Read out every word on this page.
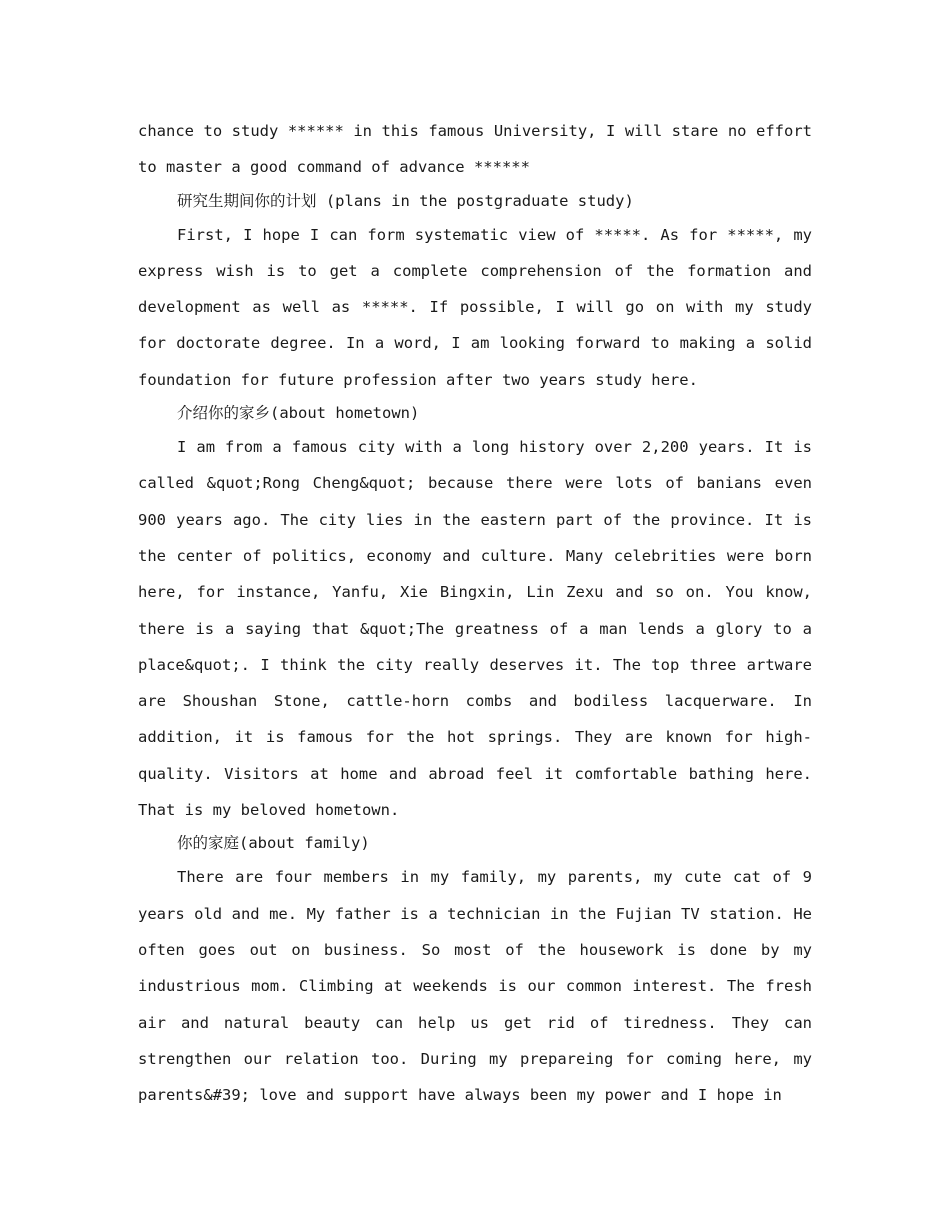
chance to study ****** in this famous University, I will stare no effort to master a good command of advance ******

研究生期间你的计划 (plans in the postgraduate study)

First, I hope I can form systematic view of *****. As for *****, my express wish is to get a complete comprehension of the formation and development as well as *****. If possible, I will go on with my study for doctorate degree. In a word, I am looking forward to making a solid foundation for future profession after two years study here.

介绍你的家乡(about hometown)

I am from a famous city with a long history over 2,200 years. It is called &quot;Rong Cheng&quot; because there were lots of banians even 900 years ago. The city lies in the eastern part of the province. It is the center of politics, economy and culture. Many celebrities were born here, for instance, Yanfu, Xie Bingxin, Lin Zexu and so on. You know, there is a saying that &quot;The greatness of a man lends a glory to a place&quot;. I think the city really deserves it. The top three artware are Shoushan Stone, cattle-horn combs and bodiless lacquerware. In addition, it is famous for the hot springs. They are known for high-quality. Visitors at home and abroad feel it comfortable bathing here. That is my beloved hometown.

你的家庭(about family)

There are four members in my family, my parents, my cute cat of 9 years old and me. My father is a technician in the Fujian TV station. He often goes out on business. So most of the housework is done by my industrious mom. Climbing at weekends is our common interest. The fresh air and natural beauty can help us get rid of tiredness. They can strengthen our relation too. During my prepareing for coming here, my parents&#39; love and support have always been my power and I hope in
